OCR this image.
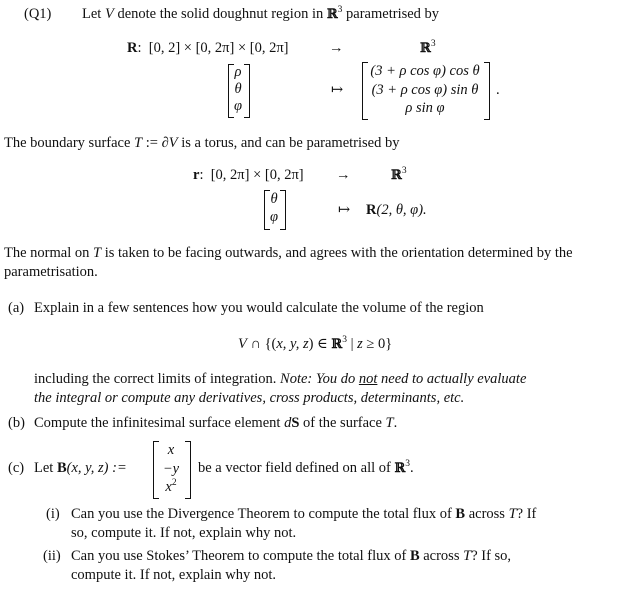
(Q1) Let V denote the solid doughnut region in ℝ$^3$ parametrised by
R: [0, 2] × [0, 2π] × [0, 2π]	→	ℝ$^3$
ρ
θ
φ
↦
(3 + ρ cos φ) cos θ
(3 + ρ cos φ) sin θ
ρ sin φ
.
The boundary surface T := ∂V is a torus, and can be parametrised by
r: [0, 2π] × [0, 2π] →	ℝ$^3$
θ
φ	↦ R(2, θ, φ).
The normal on T is taken to be facing outwards, and agrees with the orientation determined by the parametrisation.
(a) Explain in a few sentences how you would calculate the volume of the region
V ∩ {(x, y, z) ∈ ℝ$^3$ | z ≥ 0}
including the correct limits of integration. Note: You do not need to actually evaluate
the integral or compute any derivatives, cross products, determinants, etc.
(b) Compute the infinitesimal surface element dS of the surface T.
(c) Let B(x, y, z) :=
x
−y
$x^2$
be a vector field defined on all of ℝ$^3$.
(i) Can you use the Divergence Theorem to compute the total flux of B across T? If
so, compute it. If not, explain why not.
(ii) Can you use Stokes’ Theorem to compute the total flux of B across T? If so,
compute it. If not, explain why not.
